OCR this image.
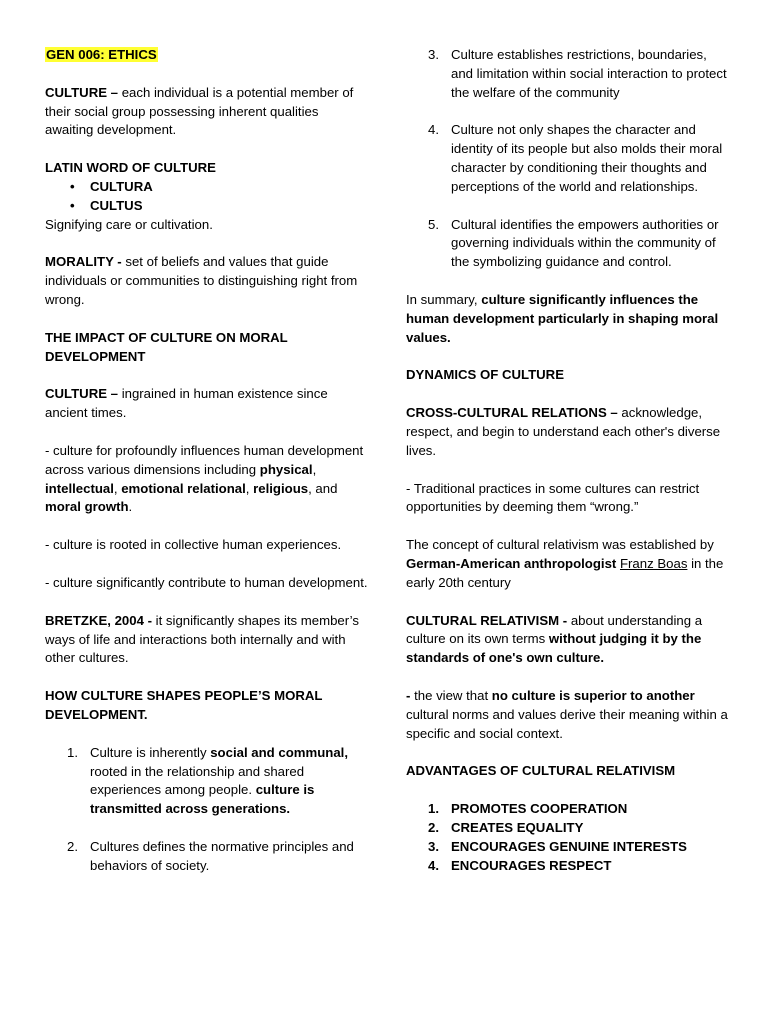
GEN 006: ETHICS

CULTURE – each individual is a potential member of their social group possessing inherent qualities awaiting development.

LATIN WORD OF CULTURE

• CULTURA
• CULTUS

Signifying care or cultivation.

MORALITY - set of beliefs and values that guide individuals or communities to distinguishing right from wrong.

THE IMPACT OF CULTURE ON MORAL DEVELOPMENT

CULTURE – ingrained in human existence since ancient times.

- culture for profoundly influences human development across various dimensions including physical, intellectual, emotional relational, religious, and moral growth.

- culture is rooted in collective human experiences.

- culture significantly contribute to human development.

BRETZKE, 2004 - it significantly shapes its member’s ways of life and interactions both internally and with other cultures.

HOW CULTURE SHAPES PEOPLE’S MORAL DEVELOPMENT.

1. Culture is inherently social and communal, rooted in the relationship and shared experiences among people. culture is transmitted across generations.
2. Cultures defines the normative principles and behaviors of society.
3. Culture establishes restrictions, boundaries, and limitation within social interaction to protect the welfare of the community
4. Culture not only shapes the character and identity of its people but also molds their moral character by conditioning their thoughts and perceptions of the world and relationships.
5. Cultural identifies the empowers authorities or governing individuals within the community of the symbolizing guidance and control.

In summary, culture significantly influences the human development particularly in shaping moral values.

DYNAMICS OF CULTURE

CROSS-CULTURAL RELATIONS – acknowledge, respect, and begin to understand each other's diverse lives.

- Traditional practices in some cultures can restrict opportunities by deeming them “wrong.”

The concept of cultural relativism was established by German-American anthropologist Franz Boas in the early 20th century

CULTURAL RELATIVISM - about understanding a culture on its own terms without judging it by the standards of one's own culture.

- the view that no culture is superior to another cultural norms and values derive their meaning within a specific and social context.

ADVANTAGES OF CULTURAL RELATIVISM

1. PROMOTES COOPERATION
2. CREATES EQUALITY
3. ENCOURAGES GENUINE INTERESTS
4. ENCOURAGES RESPECT
